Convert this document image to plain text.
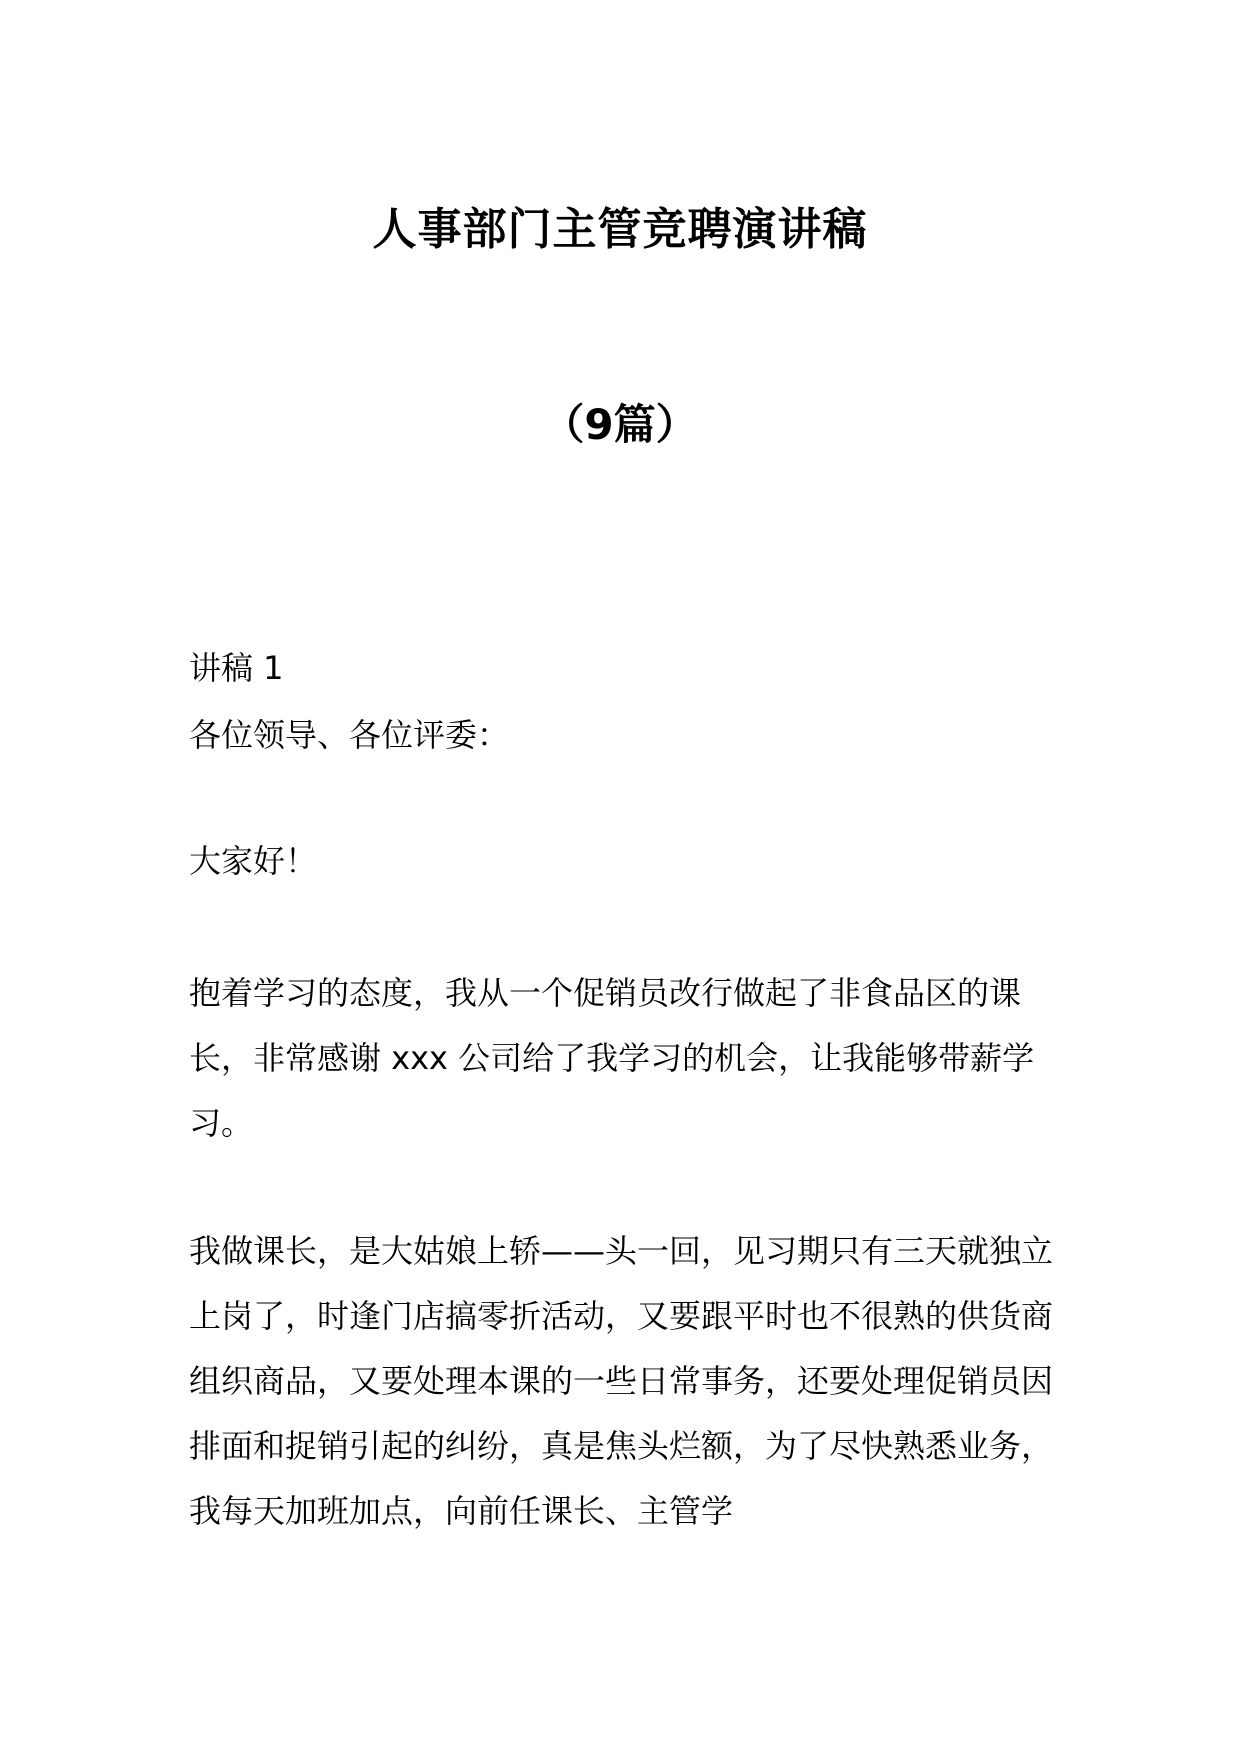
人事部门主管竞聘演讲稿
（9篇）

讲稿 1

各位领导、各位评委：

大家好！

抱着学习的态度，我从一个促销员改行做起了非食品区的课长，非常感谢 xxx 公司给了我学习的机会，让我能够带薪学习。

我做课长，是大姑娘上轿——头一回，见习期只有三天就独立上岗了，时逢门店搞零折活动，又要跟平时也不很熟的供货商组织商品，又要处理本课的一些日常事务，还要处理促销员因排面和捉销引起的纠纷，真是焦头烂额，为了尽快熟悉业务，我每天加班加点，向前任课长、主管学
